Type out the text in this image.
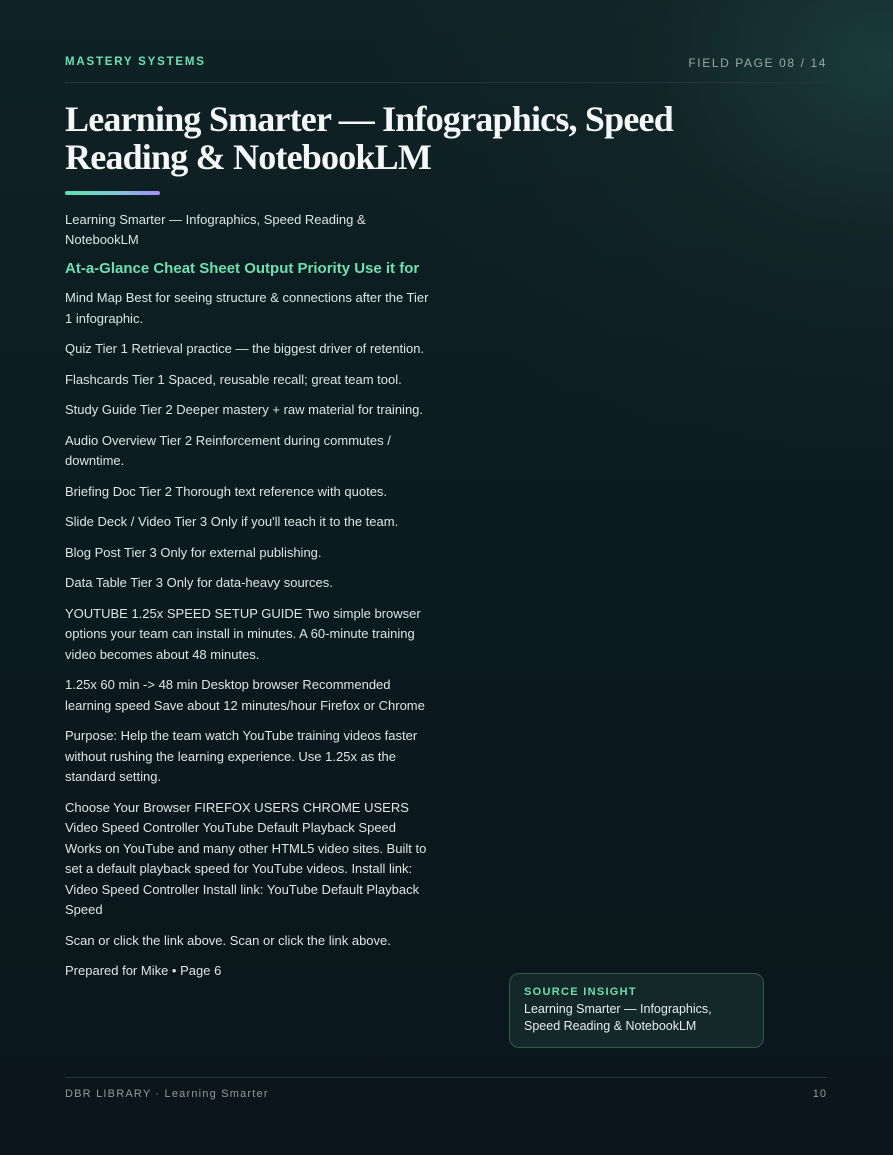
MASTERY SYSTEMS	FIELD PAGE 08 / 14
Learning Smarter — Infographics, Speed Reading & NotebookLM

Learning Smarter — Infographics, Speed Reading & NotebookLM

At-a-Glance Cheat Sheet Output Priority Use it for

Mind Map Best for seeing structure & connections after the Tier 1 infographic.

Quiz Tier 1 Retrieval practice — the biggest driver of retention.

Flashcards Tier 1 Spaced, reusable recall; great team tool.

Study Guide Tier 2 Deeper mastery + raw material for training.

Audio Overview Tier 2 Reinforcement during commutes / downtime.

Briefing Doc Tier 2 Thorough text reference with quotes.

Slide Deck / Video Tier 3 Only if you'll teach it to the team.

Blog Post Tier 3 Only for external publishing.

Data Table Tier 3 Only for data-heavy sources.

YOUTUBE 1.25x SPEED SETUP GUIDE Two simple browser options your team can install in minutes. A 60-minute training video becomes about 48 minutes.

1.25x 60 min -> 48 min Desktop browser Recommended learning speed Save about 12 minutes/hour Firefox or Chrome

Purpose: Help the team watch YouTube training videos faster without rushing the learning experience. Use 1.25x as the standard setting.

Choose Your Browser FIREFOX USERS CHROME USERS Video Speed Controller YouTube Default Playback Speed Works on YouTube and many other HTML5 video sites. Built to set a default playback speed for YouTube videos. Install link: Video Speed Controller Install link: YouTube Default Playback Speed

Scan or click the link above. Scan or click the link above.

Prepared for Mike • Page 6

SOURCE INSIGHT
Learning Smarter — Infographics, Speed Reading & NotebookLM
DBR LIBRARY · Learning Smarter	10
